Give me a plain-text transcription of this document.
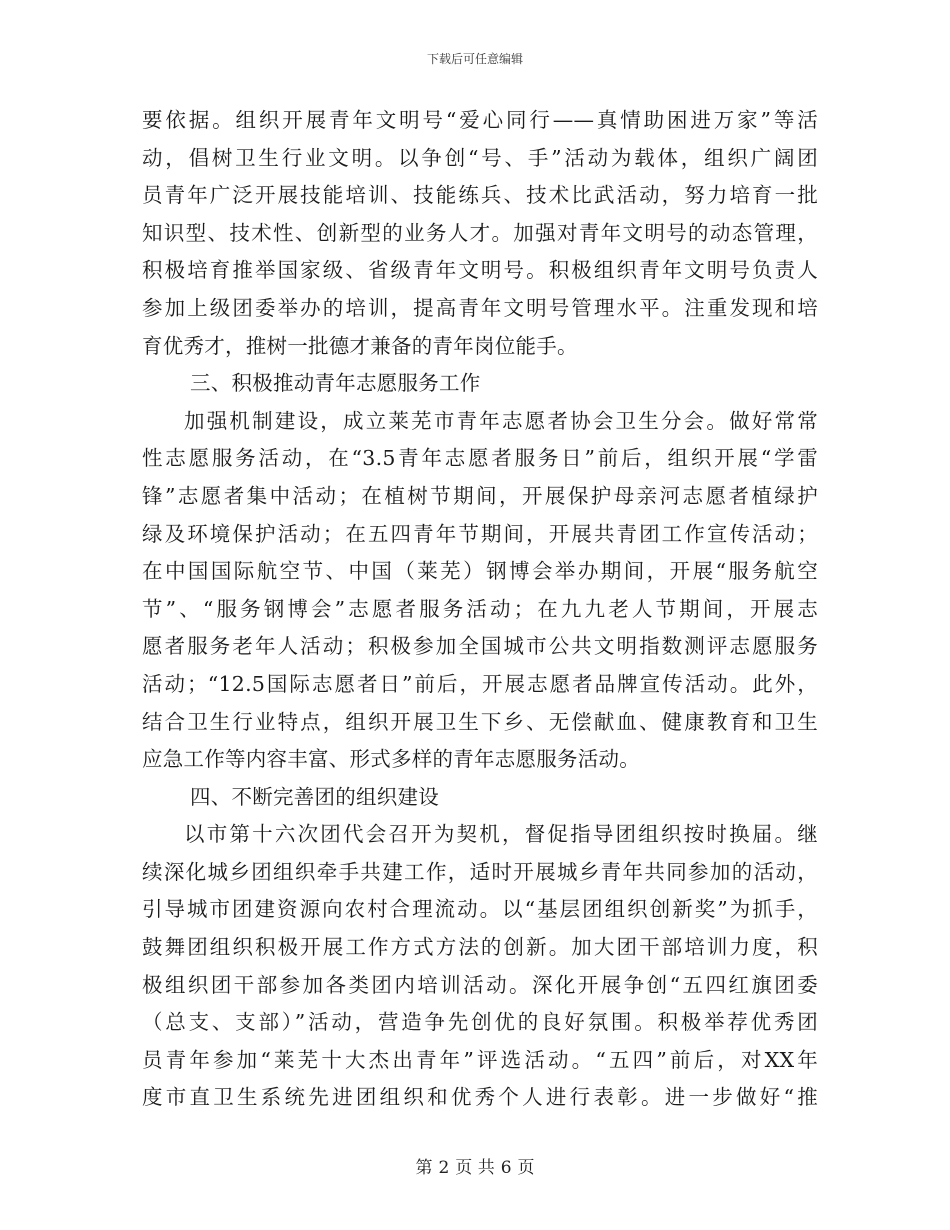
下载后可任意编辑
要依据。组织开展青年文明号“爱心同行——真情助困进万家”等活
动，倡树卫生行业文明。以争创“号、手”活动为载体，组织广阔团
员青年广泛开展技能培训、技能练兵、技术比武活动，努力培育一批
知识型、技术性、创新型的业务人才。加强对青年文明号的动态管理，
积极培育推举国家级、省级青年文明号。积极组织青年文明号负责人
参加上级团委举办的培训，提高青年文明号管理水平。注重发现和培
育优秀才，推树一批德才兼备的青年岗位能手。
三、积极推动青年志愿服务工作
加强机制建设，成立莱芜市青年志愿者协会卫生分会。做好常常
性志愿服务活动，在“3.5青年志愿者服务日”前后，组织开展“学雷
锋”志愿者集中活动；在植树节期间，开展保护母亲河志愿者植绿护
绿及环境保护活动；在五四青年节期间，开展共青团工作宣传活动；
在中国国际航空节、中国（莱芜）钢博会举办期间，开展“服务航空
节”、“服务钢博会”志愿者服务活动；在九九老人节期间，开展志
愿者服务老年人活动；积极参加全国城市公共文明指数测评志愿服务
活动；“12.5国际志愿者日”前后，开展志愿者品牌宣传活动。此外，
结合卫生行业特点，组织开展卫生下乡、无偿献血、健康教育和卫生
应急工作等内容丰富、形式多样的青年志愿服务活动。
四、不断完善团的组织建设
以市第十六次团代会召开为契机，督促指导团组织按时换届。继
续深化城乡团组织牵手共建工作，适时开展城乡青年共同参加的活动，
引导城市团建资源向农村合理流动。以“基层团组织创新奖”为抓手，
鼓舞团组织积极开展工作方式方法的创新。加大团干部培训力度，积
极组织团干部参加各类团内培训活动。深化开展争创“五四红旗团委
（总支、支部）”活动，营造争先创优的良好氛围。积极举荐优秀团
员青年参加“莱芜十大杰出青年”评选活动。“五四”前后，对XX年
度市直卫生系统先进团组织和优秀个人进行表彰。进一步做好“推
第 2 页 共 6 页
